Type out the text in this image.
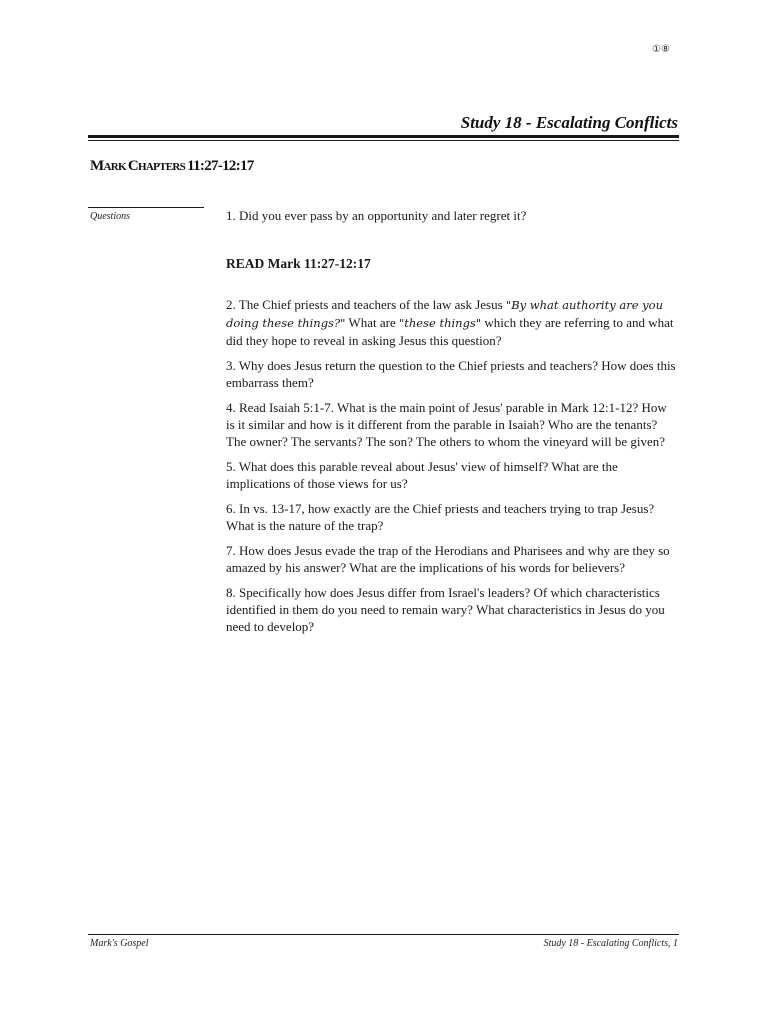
①⑧
Study 18 - Escalating Conflicts
MARK CHAPTERS 11:27-12:17
Questions	1. Did you ever pass by an opportunity and later regret it?

READ Mark 11:27-12:17

2. The Chief priests and teachers of the law ask Jesus "By what authority are you doing these things?" What are "these things" which they are referring to and what did they hope to reveal in asking Jesus this question?

3. Why does Jesus return the question to the Chief priests and teachers? How does this embarrass them?

4. Read Isaiah 5:1-7. What is the main point of Jesus' parable in Mark 12:1-12? How is it similar and how is it different from the parable in Isaiah? Who are the tenants? The owner? The servants? The son? The others to whom the vineyard will be given?

5. What does this parable reveal about Jesus' view of himself? What are the implications of those views for us?

6. In vs. 13-17, how exactly are the Chief priests and teachers trying to trap Jesus? What is the nature of the trap?

7. How does Jesus evade the trap of the Herodians and Pharisees and why are they so amazed by his answer? What are the implications of his words for believers?

8. Specifically how does Jesus differ from Israel's leaders? Of which characteristics identified in them do you need to remain wary? What characteristics in Jesus do you need to develop?

Mark's Gospel	Study 18 - Escalating Conflicts, 1
